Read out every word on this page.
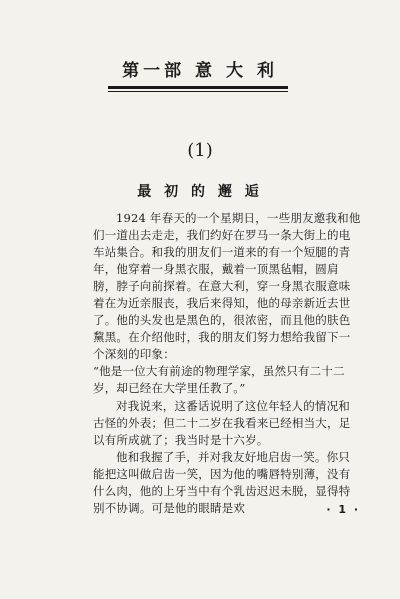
第一部 意 大 利
(1)
最 初 的 邂 逅
1924 年春天的一个星期日，一些朋友邀我和他们一道出去走走，我们约好在罗马一条大街上的电车站集合。和我的朋友们一道来的有一个短腿的青年，他穿着一身黑衣服，戴着一顶黑毡帽，圆肩膀，脖子向前探着。在意大利，穿一身黑衣服意味着在为近亲服丧，我后来得知，他的母亲新近去世了。他的头发也是黑色的，很浓密，而且他的肤色黧黑。在介绍他时，我的朋友们努力想给我留下一个深刻的印象：
“他是一位大有前途的物理学家，虽然只有二十二岁，却已经在大学里任教了。”
对我说来，这番话说明了这位年轻人的情况和古怪的外表；但二十二岁在我看来已经相当大，足以有所成就了；我当时是十六岁。
他和我握了手，并对我友好地启齿一笑。你只能把这叫做启齿一笑，因为他的嘴唇特别薄，没有什么肉，他的上牙当中有个乳齿迟迟未脱，显得特别不协调。可是他的眼睛是欢	· 1 ·
